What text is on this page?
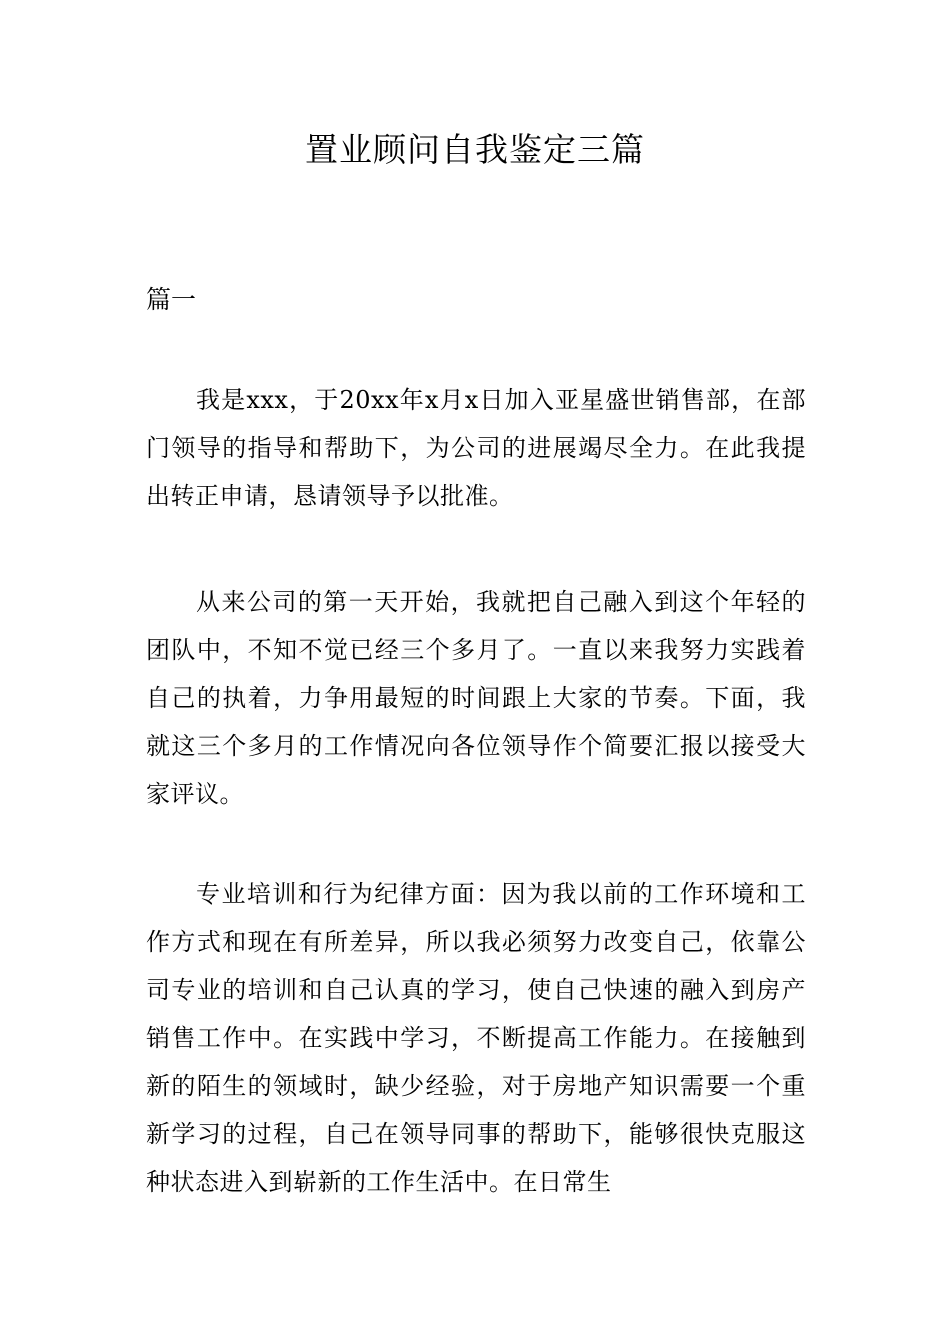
置业顾问自我鉴定三篇
篇一

我是xxx，于20xx年x月x日加入亚星盛世销售部，在部门领导的指导和帮助下，为公司的进展竭尽全力。在此我提出转正申请，恳请领导予以批准。

从来公司的第一天开始，我就把自己融入到这个年轻的团队中，不知不觉已经三个多月了。一直以来我努力实践着自己的执着，力争用最短的时间跟上大家的节奏。下面，我就这三个多月的工作情况向各位领导作个简要汇报以接受大家评议。

专业培训和行为纪律方面：因为我以前的工作环境和工作方式和现在有所差异，所以我必须努力改变自己，依靠公司专业的培训和自己认真的学习，使自己快速的融入到房产销售工作中。在实践中学习，不断提高工作能力。在接触到新的陌生的领域时，缺少经验，对于房地产知识需要一个重新学习的过程，自己在领导同事的帮助下，能够很快克服这种状态进入到崭新的工作生活中。在日常生
